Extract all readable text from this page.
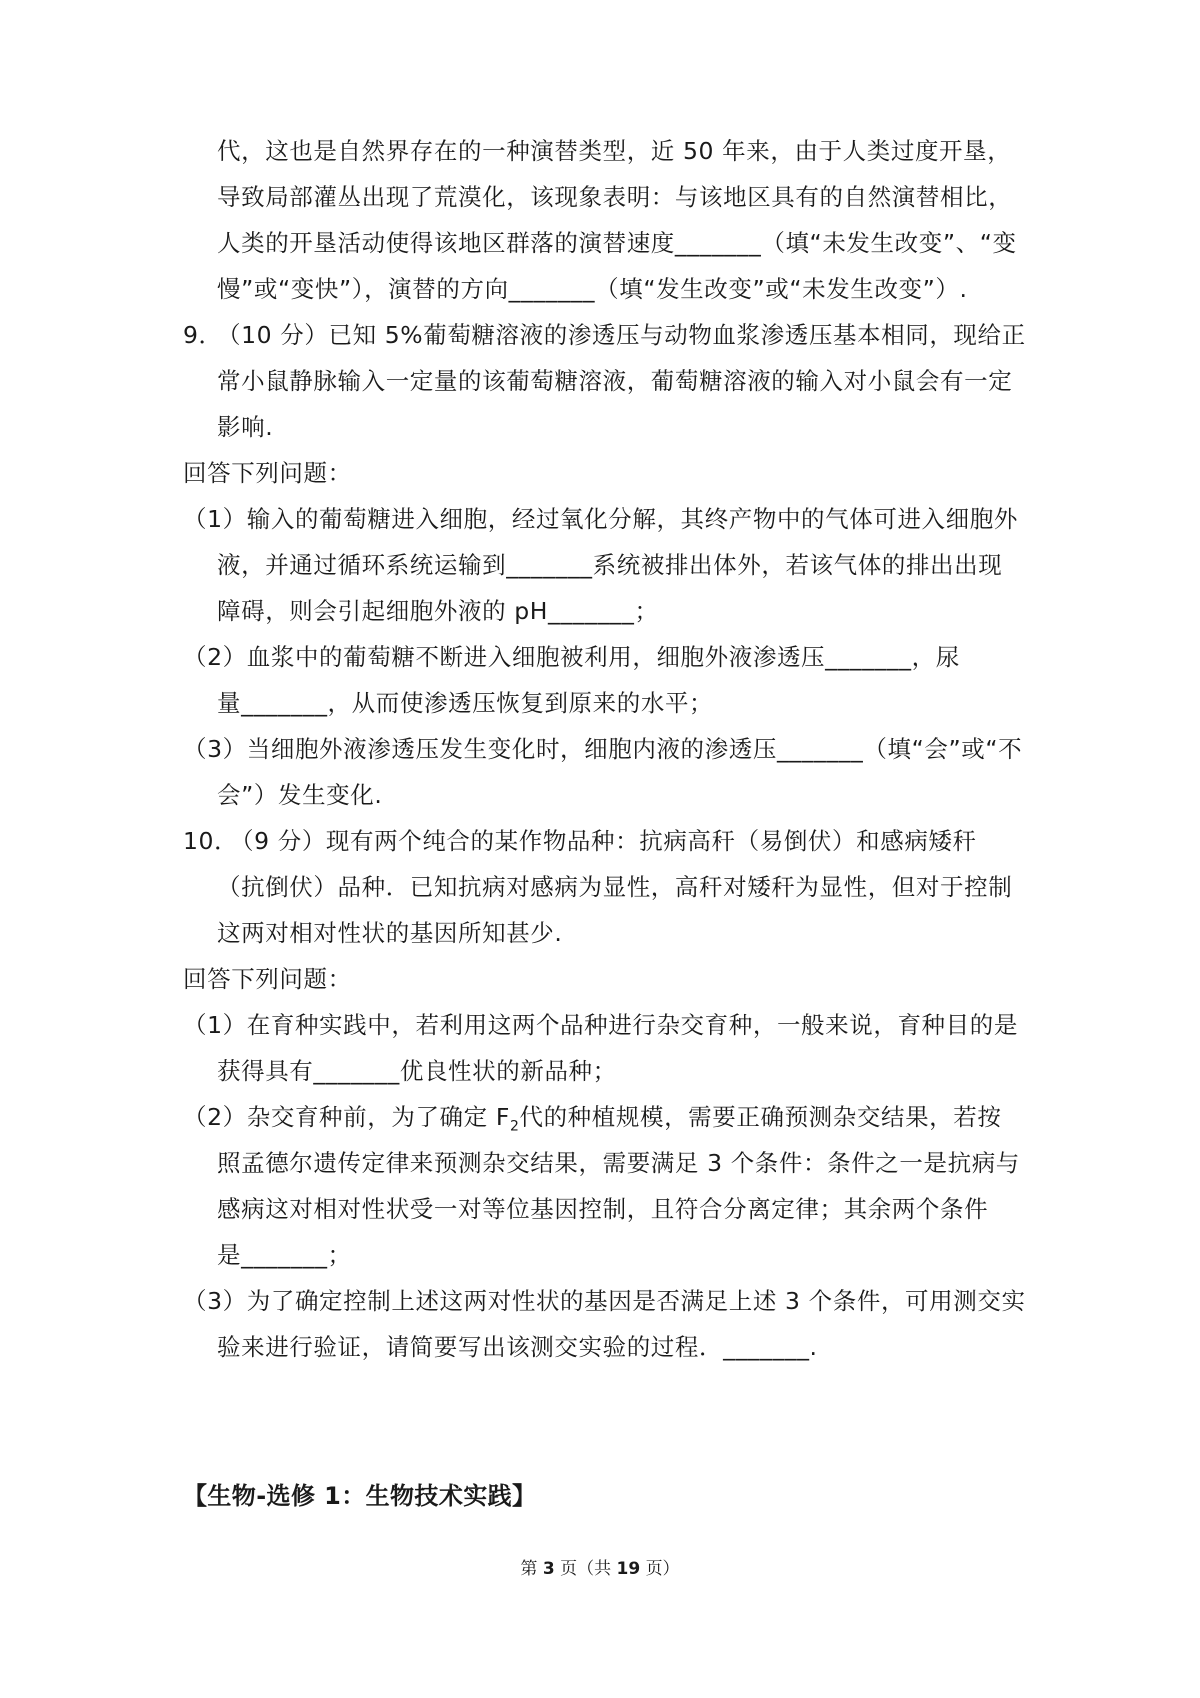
代，这也是自然界存在的一种演替类型，近 50 年来，由于人类过度开垦，
导致局部灌丛出现了荒漠化，该现象表明：与该地区具有的自然演替相比，
人类的开垦活动使得该地区群落的演替速度_______（填“未发生改变”、“变
慢”或“变快”），演替的方向_______（填“发生改变”或“未发生改变”）.
9．
（10 分）已知 5%葡萄糖溶液的渗透压与动物血浆渗透压基本相同，现给正
常小鼠静脉输入一定量的该葡萄糖溶液，葡萄糖溶液的输入对小鼠会有一定
影响.
回答下列问题：
（1）输入的葡萄糖进入细胞，经过氧化分解，其终产物中的气体可进入细胞外
液，并通过循环系统运输到_______系统被排出体外，若该气体的排出出现
障碍，则会引起细胞外液的 pH_______；
（2）血浆中的葡萄糖不断进入细胞被利用，细胞外液渗透压_______，尿
量_______，从而使渗透压恢复到原来的水平；
（3）当细胞外液渗透压发生变化时，细胞内液的渗透压_______（填“会”或“不
会”）发生变化.
10．
（9 分）现有两个纯合的某作物品种：抗病高秆（易倒伏）和感病矮秆
（抗倒伏）品种．已知抗病对感病为显性，高秆对矮秆为显性，但对于控制
这两对相对性状的基因所知甚少.
回答下列问题：
（1）在育种实践中，若利用这两个品种进行杂交育种，一般来说，育种目的是
获得具有_______优良性状的新品种；
（2）杂交育种前，为了确定 $F_2$代的种植规模，需要正确预测杂交结果，若按
照孟德尔遗传定律来预测杂交结果，需要满足 3 个条件：条件之一是抗病与
感病这对相对性状受一对等位基因控制，且符合分离定律；其余两个条件
是_______；
（3）为了确定控制上述这两对性状的基因是否满足上述 3 个条件，可用测交实
验来进行验证，请简要写出该测交实验的过程．_______.
【生物-选修 1：生物技术实践】
第 3 页（共 19 页）
